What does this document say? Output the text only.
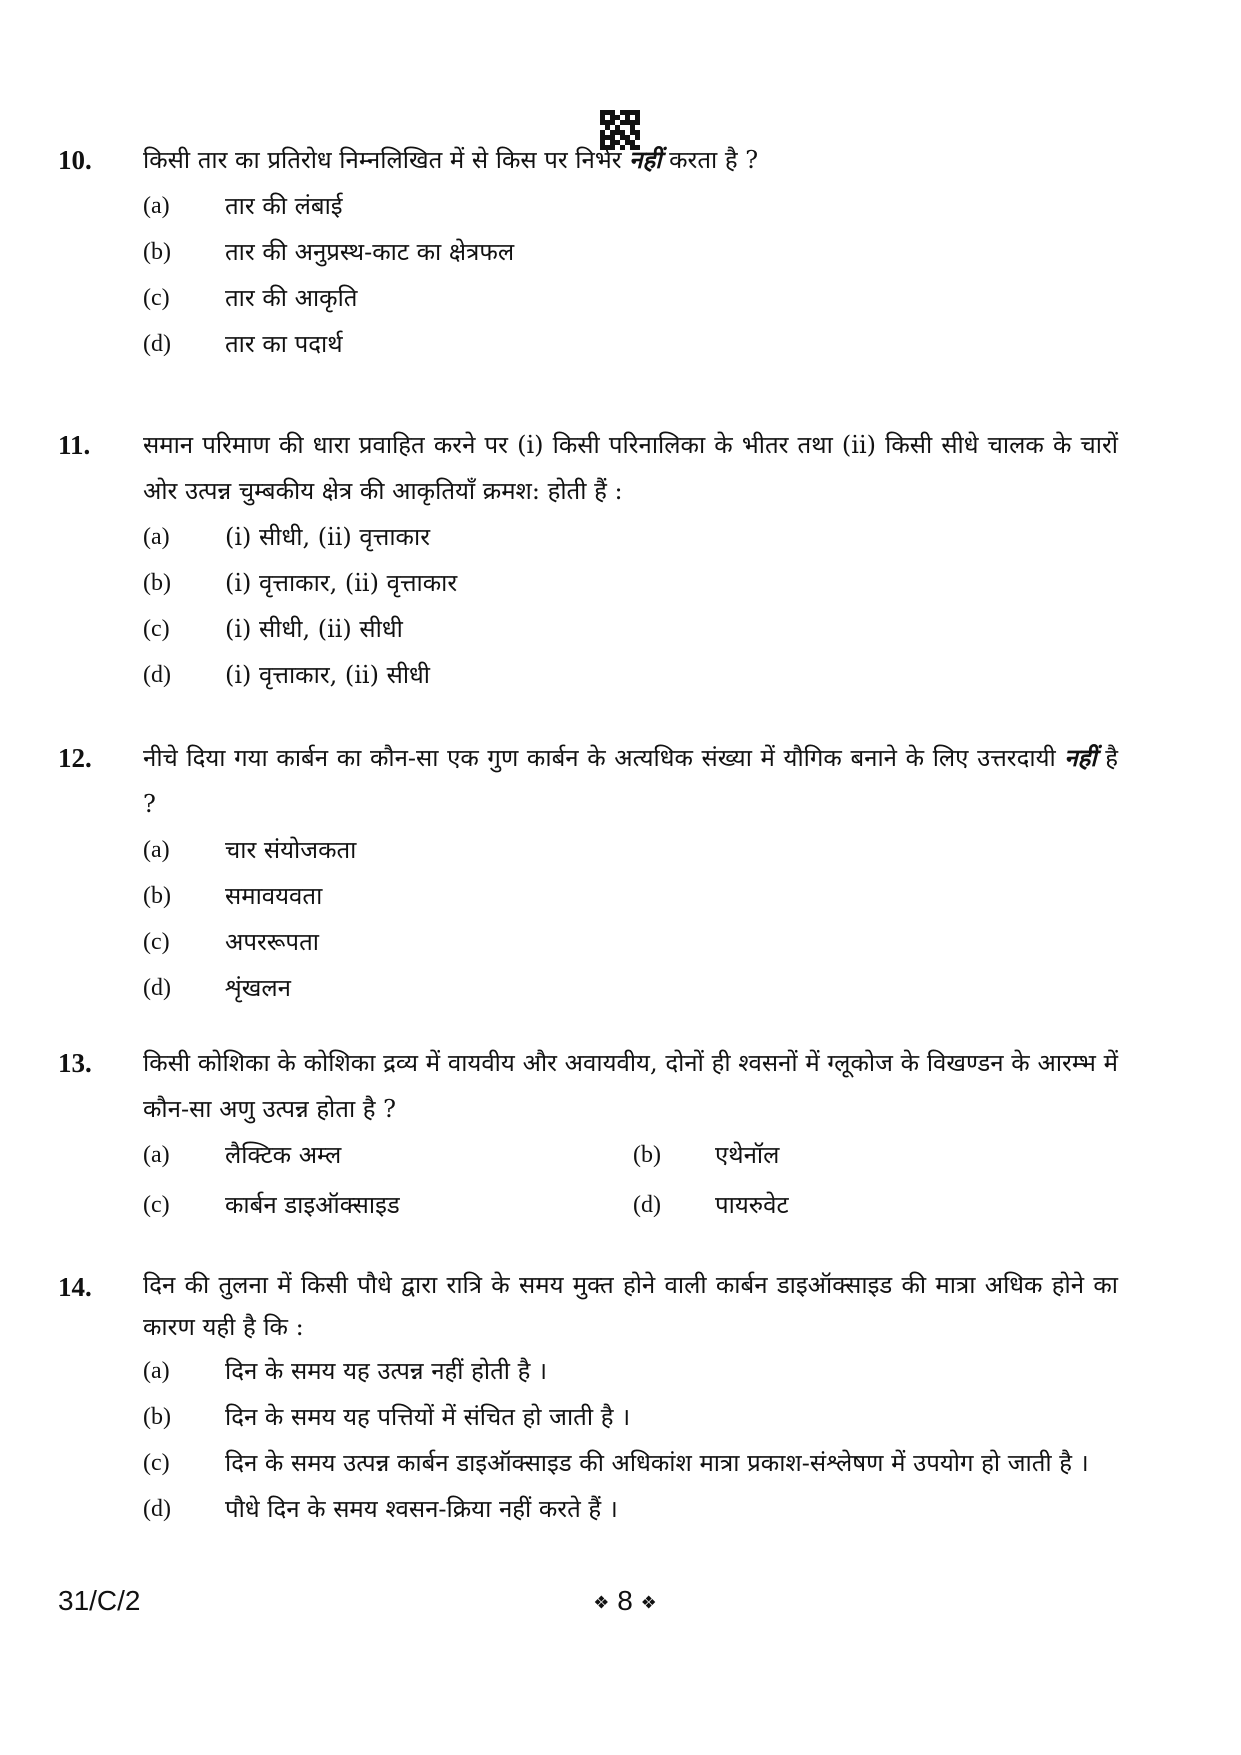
10.	किसी तार का प्रतिरोध निम्नलिखित में से किस पर निर्भर नहीं करता है ?
(a)	तार की लंबाई
(b)	तार की अनुप्रस्थ-काट का क्षेत्रफल
(c)	तार की आकृति
(d)	तार का पदार्थ
11.	समान परिमाण की धारा प्रवाहित करने पर (i) किसी परिनालिका के भीतर तथा (ii) किसी सीधे चालक के चारों ओर उत्पन्न चुम्बकीय क्षेत्र की आकृतियाँ क्रमश: होती हैं :
(a)	(i) सीधी, (ii) वृत्ताकार
(b)	(i) वृत्ताकार, (ii) वृत्ताकार
(c)	(i) सीधी, (ii) सीधी
(d)	(i) वृत्ताकार, (ii) सीधी
12.	नीचे दिया गया कार्बन का कौन-सा एक गुण कार्बन के अत्यधिक संख्या में यौगिक बनाने के लिए उत्तरदायी नहीं है ?
(a)	चार संयोजकता
(b)	समावयवता
(c)	अपररूपता
(d)	शृंखलन
13.	किसी कोशिका के कोशिका द्रव्य में वायवीय और अवायवीय, दोनों ही श्वसनों में ग्लूकोज के विखण्डन के आरम्भ में कौन-सा अणु उत्पन्न होता है ?
(a)	लैक्टिक अम्ल	(b)	एथेनॉल
(c)	कार्बन डाइऑक्साइड	(d)	पायरुवेट
14.	दिन की तुलना में किसी पौधे द्वारा रात्रि के समय मुक्त होने वाली कार्बन डाइऑक्साइड की मात्रा अधिक होने का कारण यही है कि :
(a)	दिन के समय यह उत्पन्न नहीं होती है ।
(b)	दिन के समय यह पत्तियों में संचित हो जाती है ।
(c)	दिन के समय उत्पन्न कार्बन डाइऑक्साइड की अधिकांश मात्रा प्रकाश-संश्लेषण में उपयोग हो जाती है ।
(d)	पौधे दिन के समय श्वसन-क्रिया नहीं करते हैं ।
31/C/2	❖ 8 ❖
